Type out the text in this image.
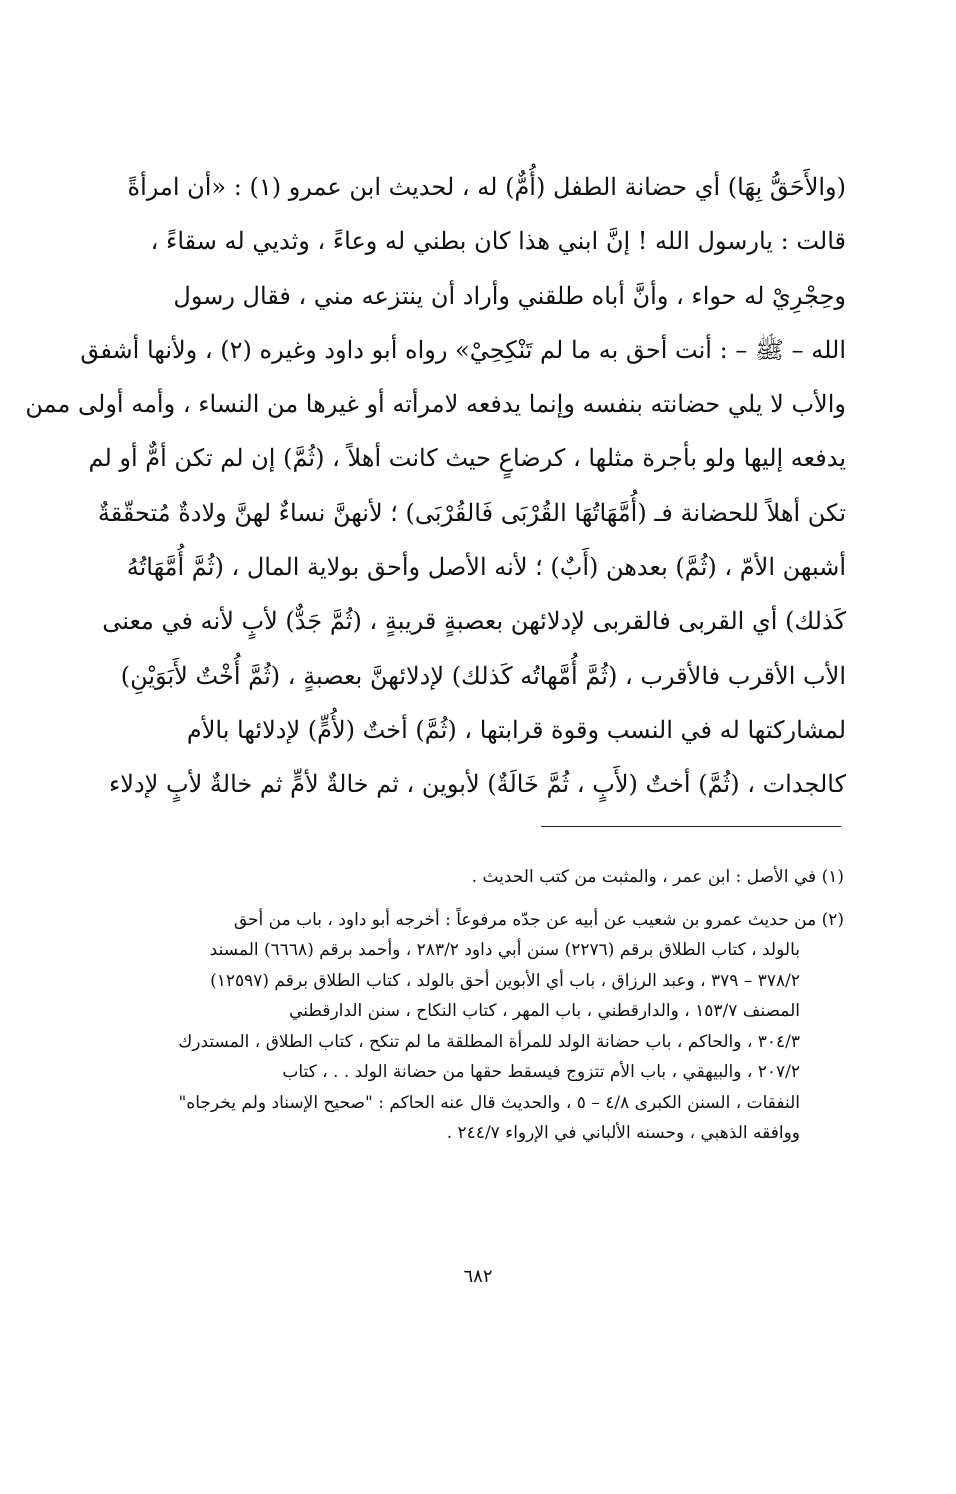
(والأَحَقُّ بِهَا) أي حضانة الطفل (أُمٌّ) له ، لحديث ابن عمرو (١) : «أن امرأةً
قالت : يارسول الله ! إنَّ ابني هذا كان بطني له وعاءً ، وثديي له سقاءً ،
وحِجْرِيْ له حواء ، وأنَّ أباه طلقني وأراد أن ينتزعه مني ، فقال رسول
الله – ﷺ – : أنت أحق به ما لم تَنْكِحِيْ» رواه أبو داود وغيره (٢) ، ولأنها أشفق
والأب لا يلي حضانته بنفسه وإنما يدفعه لامرأته أو غيرها من النساء ، وأمه أولى ممن
يدفعه إليها ولو بأجرة مثلها ، كرضاعٍ حيث كانت أهلاً ، (ثُمَّ) إن لم تكن أمٌّ أو لم
تكن أهلاً للحضانة فـ (أُمَّهَاتُهَا القُرْبَى فَالقُرْبَى) ؛ لأنهنَّ نساءٌ لهنَّ ولادةٌ مُتحقّقةٌ
أشبهن الأمّ ، (ثُمَّ) بعدهن (أَبٌ) ؛ لأنه الأصل وأحق بولاية المال ، (ثُمَّ أُمَّهَاتُهُ
كَذلك) أي القربى فالقربى لإدلائهن بعصبةٍ قريبةٍ ، (ثُمَّ جَدٌّ) لأبٍ لأنه في معنى
الأب الأقرب فالأقرب ، (ثُمَّ أُمَّهاتُه كَذلك) لإدلائهنَّ بعصبةٍ ، (ثُمَّ أُخْتٌ لأَبَوَيْنِ)
لمشاركتها له في النسب وقوة قرابتها ، (ثُمَّ) أختٌ (لأُمٍّ) لإدلائها بالأم
كالجدات ، (ثُمَّ) أختٌ (لأَبٍ ، ثُمَّ خَالَةٌ) لأبوين ، ثم خالةٌ لأمٍّ ثم خالةٌ لأبٍ لإدلاء
(١) في الأصل : ابن عمر ، والمثبت من كتب الحديث .
(٢) من حديث عمرو بن شعيب عن أبيه عن جدّه مرفوعاً : أخرجه أبو داود ، باب من أحق
بالولد ، كتاب الطلاق برقم (٢٢٧٦) سنن أبي داود ٢٨٣/٢ ، وأحمد برقم (٦٦٦٨) المسند
٣٧٨/٢ – ٣٧٩ ، وعبد الرزاق ، باب أي الأبوين أحق بالولد ، كتاب الطلاق برقم (١٢٥٩٧)
المصنف ١٥٣/٧ ، والدارقطني ، باب المهر ، كتاب النكاح ، سنن الدارقطني
٣٠٤/٣ ، والحاكم ، باب حضانة الولد للمرأة المطلقة ما لم تنكح ، كتاب الطلاق ، المستدرك
٢٠٧/٢ ، والبيهقي ، باب الأم تتزوج فيسقط حقها من حضانة الولد . . ، كتاب
النفقات ، السنن الكبرى ٤/٨ – ٥ ، والحديث قال عنه الحاكم : "صحيح الإسناد ولم يخرجاه"
ووافقه الذهبي ، وحسنه الألباني في الإرواء ٢٤٤/٧ .
٦٨٢
